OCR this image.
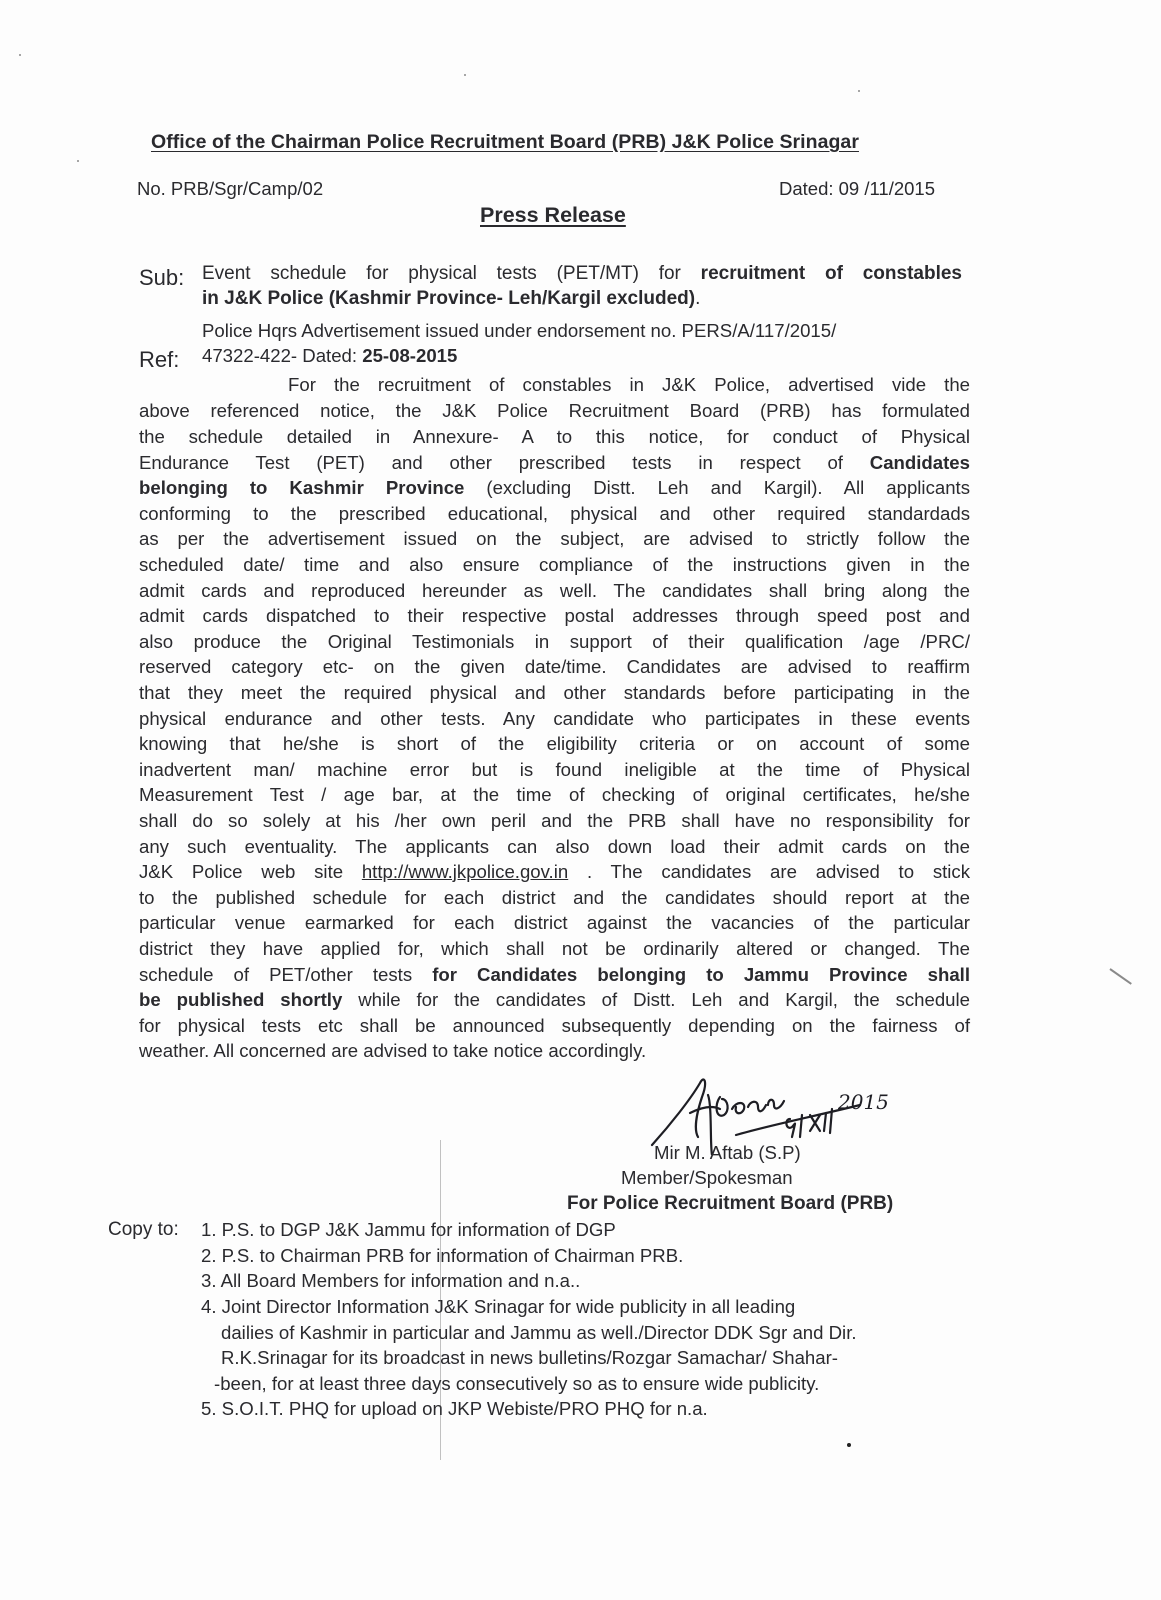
Office of the Chairman Police Recruitment Board (PRB) J&K Police Srinagar
No. PRB/Sgr/Camp/02	Dated: 09 /11/2015
Press Release
Sub: Event schedule for physical tests (PET/MT) for recruitment of constables
in J&K Police (Kashmir Province- Leh/Kargil excluded).
Ref:
Police Hqrs Advertisement issued under endorsement no. PERS/A/117/2015/
47322-422- Dated: 25-08-2015
For the recruitment of constables in J&K Police, advertised vide the
above referenced notice, the J&K Police Recruitment Board (PRB) has formulated
the schedule detailed in Annexure- A to this notice, for conduct of Physical
Endurance Test (PET) and other prescribed tests in respect of Candidates
belonging to Kashmir Province (excluding Distt. Leh and Kargil). All applicants
conforming to the prescribed educational, physical and other required standardads
as per the advertisement issued on the subject, are advised to strictly follow the
scheduled date/ time and also ensure compliance of the instructions given in the
admit cards and reproduced hereunder as well. The candidates shall bring along the
admit cards dispatched to their respective postal addresses through speed post and
also produce the Original Testimonials in support of their qualification /age /PRC/
reserved category etc- on the given date/time. Candidates are advised to reaffirm
that they meet the required physical and other standards before participating in the
physical endurance and other tests. Any candidate who participates in these events
knowing that he/she is short of the eligibility criteria or on account of some
inadvertent man/ machine error but is found ineligible at the time of Physical
Measurement Test / age bar, at the time of checking of original certificates, he/she
shall do so solely at his /her own peril and the PRB shall have no responsibility for
any such eventuality. The applicants can also down load their admit cards on the
J&K Police web site http://www.jkpolice.gov.in . The candidates are advised to stick
to the published schedule for each district and the candidates should report at the
particular venue earmarked for each district against the vacancies of the particular
district they have applied for, which shall not be ordinarily altered or changed. The
schedule of PET/other tests for Candidates belonging to Jammu Province shall
be published shortly while for the candidates of Distt. Leh and Kargil, the schedule
for physical tests etc shall be announced subsequently depending on the fairness of
weather. All concerned are advised to take notice accordingly.
2015
Mir M. Aftab (S.P)
Member/Spokesman
For Police Recruitment Board (PRB)
Copy to: 1. P.S. to DGP J&K Jammu for information of DGP
2. P.S. to Chairman PRB for information of Chairman PRB.
3. All Board Members for information and n.a..
4. Joint Director Information J&K Srinagar for wide publicity in all leading
dailies of Kashmir in particular and Jammu as well./Director DDK Sgr and Dir.
R.K.Srinagar for its broadcast in news bulletins/Rozgar Samachar/ Shahar-
-been, for at least three days consecutively so as to ensure wide publicity.
5. S.O.I.T. PHQ for upload on JKP Webiste/PRO PHQ for n.a.
